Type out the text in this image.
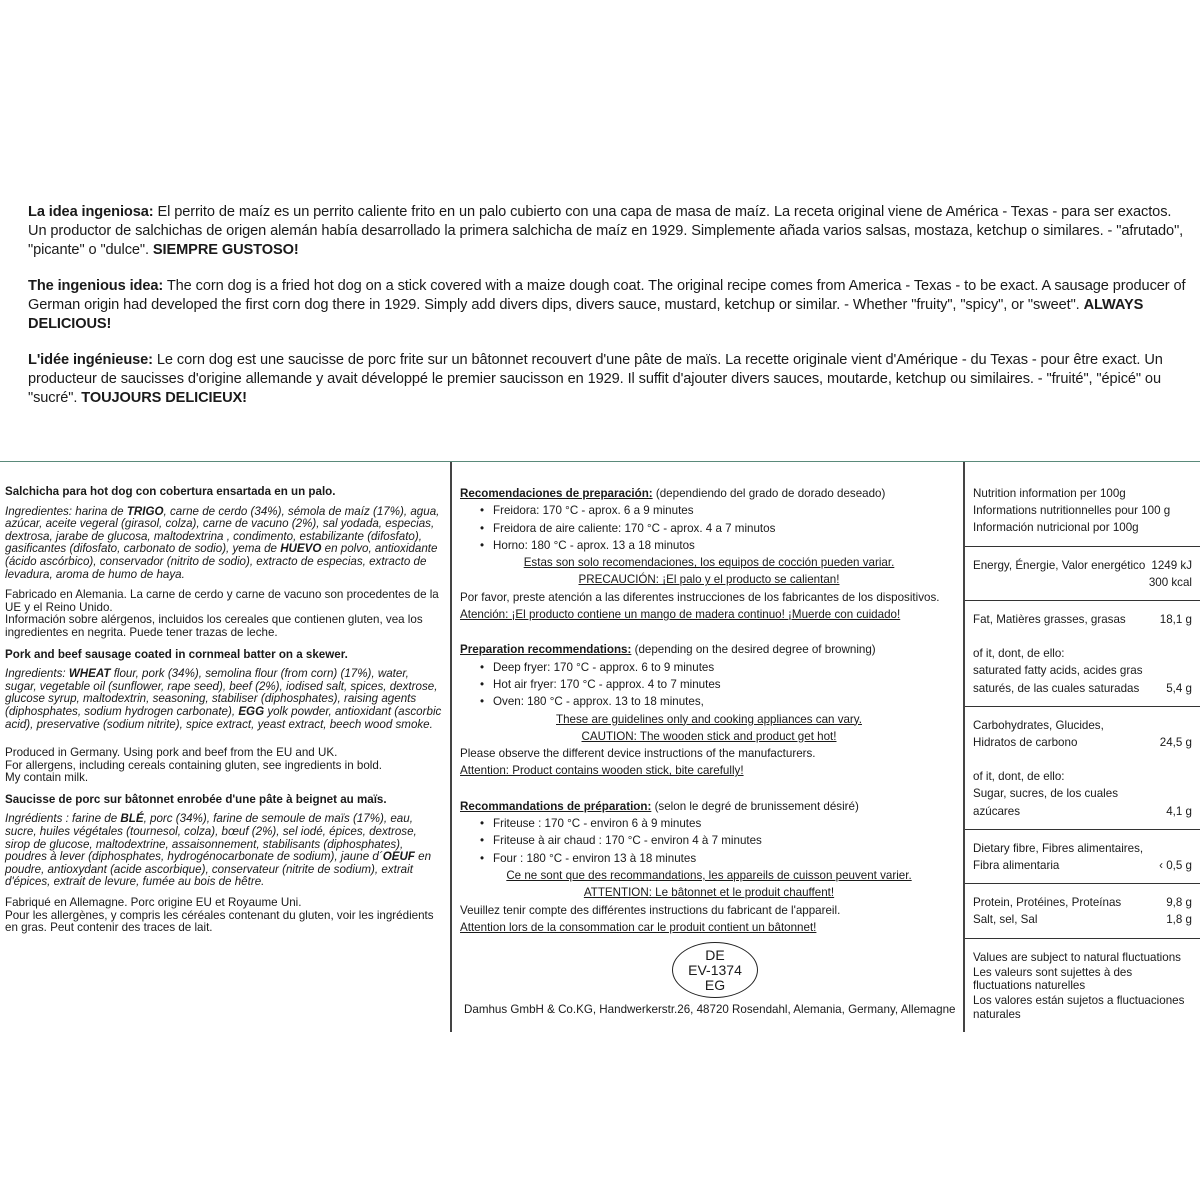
La idea ingeniosa: El perrito de maíz es un perrito caliente frito en un palo cubierto con una capa de masa de maíz. La receta original viene de América - Texas - para ser exactos. Un productor de salchichas de origen alemán había desarrollado la primera salchicha de maíz en 1929. Simplemente añada varios salsas, mostaza, ketchup o similares. - "afrutado", "picante" o "dulce". SIEMPRE GUSTOSO!

The ingenious idea: The corn dog is a fried hot dog on a stick covered with a maize dough coat. The original recipe comes from America - Texas - to be exact. A sausage producer of German origin had developed the first corn dog there in 1929. Simply add divers dips, divers sauce, mustard, ketchup or similar. - Whether "fruity", "spicy", or "sweet". ALWAYS DELICIOUS!

L'idée ingénieuse: Le corn dog est une saucisse de porc frite sur un bâtonnet recouvert d'une pâte de maïs. La recette originale vient d'Amérique - du Texas - pour être exact. Un producteur de saucisses d'origine allemande y avait développé le premier saucisson en 1929. Il suffit d'ajouter divers sauces, moutarde, ketchup ou similaires. - "fruité", "épicé" ou "sucré". TOUJOURS DELICIEUX!

Salchicha para hot dog con cobertura ensartada en un palo.
Ingredientes: harina de TRIGO, carne de cerdo (34%), sémola de maíz (17%), agua, azúcar, aceite vegeral (girasol, colza), carne de vacuno (2%), sal yodada, especias, dextrosa, jarabe de glucosa, maltodextrina , condimento, estabilizante (difosfato), gasificantes (difosfato, carbonato de sodio), yema de HUEVO en polvo, antioxidante (ácido ascórbico), conservador (nitrito de sodio), extracto de especias, extracto de levadura, aroma de humo de haya.
Fabricado en Alemania. La carne de cerdo y carne de vacuno son procedentes de la UE y el Reino Unido.
Información sobre alérgenos, incluidos los cereales que contienen gluten, vea los ingredientes en negrita. Puede tener trazas de leche.
Pork and beef sausage coated in cornmeal batter on a skewer.
Ingredients: WHEAT flour, pork (34%), semolina flour (from corn) (17%), water, sugar, vegetable oil (sunflower, rape seed), beef (2%), iodised salt, spices, dextrose, glucose syrup, maltodextrin, seasoning, stabiliser (diphosphates), raising agents (diphosphates, sodium hydrogen carbonate), EGG yolk powder, antioxidant (ascorbic acid), preservative (sodium nitrite), spice extract, yeast extract, beech wood smoke.
Produced in Germany. Using pork and beef from the EU and UK.
For allergens, including cereals containing gluten, see ingredients in bold.
My contain milk.
Saucisse de porc sur bâtonnet enrobée d'une pâte à beignet au maïs.
Ingrédients : farine de BLÉ, porc (34%), farine de semoule de maïs (17%), eau, sucre, huiles végétales (tournesol, colza), bœuf (2%), sel iodé, épices, dextrose, sirop de glucose, maltodextrine, assaisonnement, stabilisants (diphosphates), poudres à lever (diphosphates, hydrogénocarbonate de sodium), jaune d´OEUF en poudre, antioxydant (acide ascorbique), conservateur (nitrite de sodium), extrait d'épices, extrait de levure, fumée au bois de hêtre.
Fabriqué en Allemagne. Porc origine EU et Royaume Uni.
Pour les allergènes, y compris les céréales contenant du gluten, voir les ingrédients en gras. Peut contenir des traces de lait.
Recomendaciones de preparación: (dependiendo del grado de dorado deseado)
• Freidora: 170 °C - aprox. 6 a 9 minutes
• Freidora de aire caliente: 170 °C - aprox. 4 a 7 minutos
• Horno: 180 °C - aprox. 13 a 18 minutos
Estas son solo recomendaciones, los equipos de cocción pueden variar.
PRECAUCIÓN: ¡El palo y el producto se calientan!
Por favor, preste atención a las diferentes instrucciones de los fabricantes de los dispositivos.
Atención: ¡El producto contiene un mango de madera continuo! ¡Muerde con cuidado!
Preparation recommendations: (depending on the desired degree of browning)
• Deep fryer: 170 °C - approx. 6 to 9 minutes
• Hot air fryer: 170 °C - approx. 4 to 7 minutes
• Oven: 180 °C - approx. 13 to 18 minutes,
These are guidelines only and cooking appliances can vary.
CAUTION: The wooden stick and product get hot!
Please observe the different device instructions of the manufacturers.
Attention: Product contains wooden stick, bite carefully!
Recommandations de préparation: (selon le degré de brunissement désiré)
• Friteuse : 170 °C - environ 6 à 9 minutes
• Friteuse à air chaud : 170 °C - environ 4 à 7 minutes
• Four : 180 °C - environ 13 à 18 minutes
Ce ne sont que des recommandations, les appareils de cuisson peuvent varier.
ATTENTION: Le bâtonnet et le produit chauffent!
Veuillez tenir compte des différentes instructions du fabricant de l'appareil.
Attention lors de la consommation car le produit contient un bâtonnet!
DE
EV-1374
EG
Damhus GmbH & Co.KG, Handwerkerstr.26, 48720 Rosendahl, Alemania, Germany, Allemagne
Nutrition information per 100g
Informations nutritionnelles pour 100 g
Información nutricional por 100g
Energy, Énergie, Valor energético 1249 kJ
300 kcal
Fat, Matières grasses, grasas	18,1 g
of it, dont, de ello:
saturated fatty acids, acides gras
saturés, de las cuales saturadas	5,4 g
Carbohydrates, Glucides,
Hidratos de carbono	24,5 g
of it, dont, de ello:
Sugar, sucres, de los cuales azúcares	4,1 g
Dietary fibre, Fibres alimentaires,
Fibra alimentaria	‹ 0,5 g
Protein, Protéines, Proteínas	9,8 g
Salt, sel, Sal	1,8 g
Values are subject to natural fluctuations
Les valeurs sont sujettes à des fluctuations naturelles
Los valores están sujetos a fluctuaciones naturales
